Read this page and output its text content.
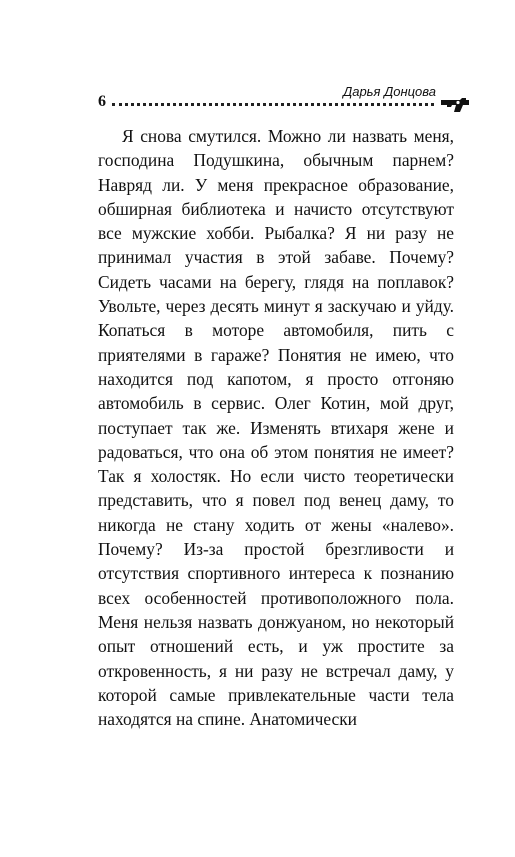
6
Дарья Донцова

Я снова смутился. Можно ли назвать меня, господина Подушкина, обычным парнем? Навряд ли. У меня прекрасное образование, обширная библиотека и начисто отсутствуют все мужские хобби. Рыбалка? Я ни разу не принимал участия в этой забаве. Почему? Сидеть часами на берегу, глядя на поплавок? Увольте, через десять минут я заскучаю и уйду. Копаться в моторе автомобиля, пить с приятелями в гараже? Понятия не имею, что находится под капотом, я просто отгоняю автомобиль в сервис. Олег Котин, мой друг, поступает так же. Изменять втихаря жене и радоваться, что она об этом понятия не имеет? Так я холостяк. Но если чисто теоретически представить, что я повел под венец даму, то никогда не стану ходить от жены «налево». Почему? Из-за простой брезгливости и отсутствия спортивного интереса к познанию всех особенностей противоположного пола. Меня нельзя назвать донжуаном, но некоторый опыт отношений есть, и уж простите за откровенность, я ни разу не встречал даму, у которой самые привлекательные части тела находятся на спине. Анатомически
